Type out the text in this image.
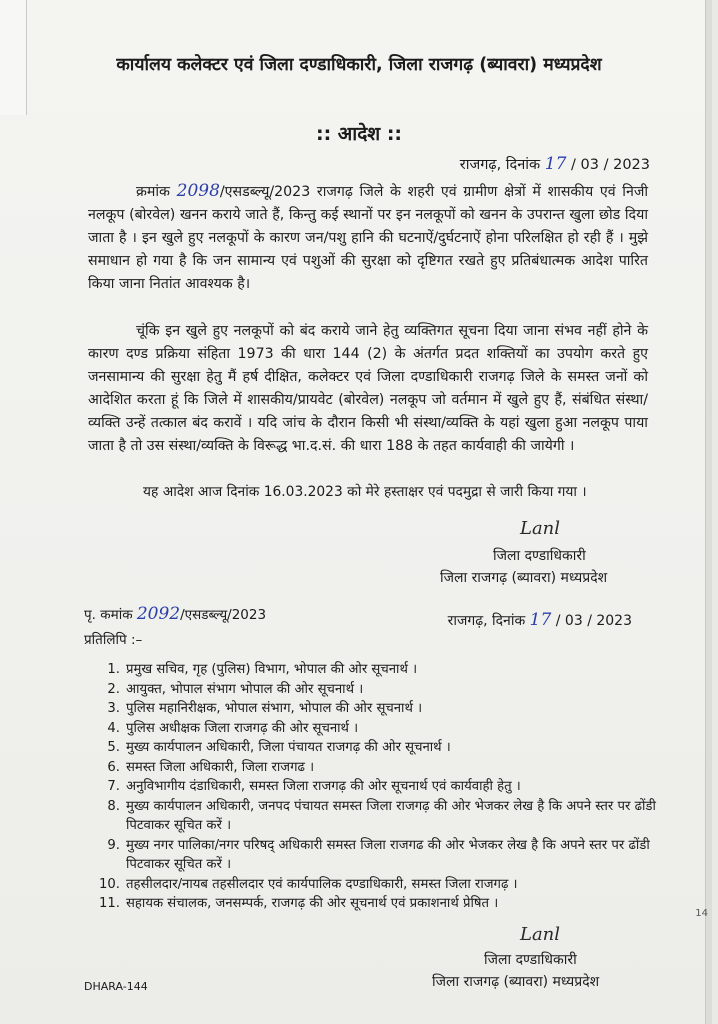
कार्यालय कलेक्टर एवं जिला दण्डाधिकारी, जिला राजगढ़ (ब्यावरा) मध्यप्रदेश
:: आदेश ::
राजगढ़, दिनांक 17 / 03 / 2023
क्रमांक 2098/एसडब्ल्यू/2023 राजगढ़ जिले के शहरी एवं ग्रामीण क्षेत्रों में शासकीय एवं निजी नलकूप (बोरवेल) खनन कराये जाते हैं, किन्तु कई स्थानों पर इन नलकूपों को खनन के उपरान्त खुला छोड दिया जाता है । इन खुले हुए नलकूपों के कारण जन/पशु हानि की घटनाऐं/दुर्घटनाऐं होना परिलक्षित हो रही हैं । मुझे समाधान हो गया है कि जन सामान्य एवं पशुओं की सुरक्षा को दृष्टिगत रखते हुए प्रतिबंधात्मक आदेश पारित किया जाना नितांत आवश्यक है।
चूंकि इन खुले हुए नलकूपों को बंद कराये जाने हेतु व्यक्तिगत सूचना दिया जाना संभव नहीं होने के कारण दण्ड प्रक्रिया संहिता 1973 की धारा 144 (2) के अंतर्गत प्रदत शक्तियों का उपयोग करते हुए जनसामान्य की सुरक्षा हेतु मैं हर्ष दीक्षित, कलेक्टर एवं जिला दण्डाधिकारी राजगढ़ जिले के समस्त जनों को आदेशित करता हूं कि जिले में शासकीय/प्रायवेट (बोरवेल) नलकूप जो वर्तमान में खुले हुए हैं, संबंधित संस्था/व्यक्ति उन्हें तत्काल बंद करावें । यदि जांच के दौरान किसी भी संस्था/व्यक्ति के यहां खुला हुआ नलकूप पाया जाता है तो उस संस्था/व्यक्ति के विरूद्ध भा.द.सं. की धारा 188 के तहत कार्यवाही की जायेगी ।
यह आदेश आज दिनांक 16.03.2023 को मेरे हस्ताक्षर एवं पदमुद्रा से जारी किया गया ।
Lanl
जिला दण्डाधिकारी
जिला राजगढ़ (ब्यावरा) मध्यप्रदेश
पृ. कमांक 2092/एसडब्ल्यू/2023	राजगढ़, दिनांक 17 / 03 / 2023
प्रतिलिपि :–
1. प्रमुख सचिव, गृह (पुलिस) विभाग, भोपाल की ओर सूचनार्थ ।
2. आयुक्त, भोपाल संभाग भोपाल की ओर सूचनार्थ ।
3. पुलिस महानिरीक्षक, भोपाल संभाग, भोपाल की ओर सूचनार्थ ।
4. पुलिस अधीक्षक जिला राजगढ़ की ओर सूचनार्थ ।
5. मुख्य कार्यपालन अधिकारी, जिला पंचायत राजगढ़ की ओर सूचनार्थ ।
6. समस्त जिला अधिकारी, जिला राजगढ ।
7. अनुविभागीय दंडाधिकारी, समस्त जिला राजगढ़ की ओर सूचनार्थ एवं कार्यवाही हेतु ।
8. मुख्य कार्यपालन अधिकारी, जनपद पंचायत समस्त जिला राजगढ़ की ओर भेजकर लेख है कि अपने स्तर पर ढोंडी पिटवाकर सूचित करें ।
9. मुख्य नगर पालिका/नगर परिषद् अधिकारी समस्त जिला राजगढ की ओर भेजकर लेख है कि अपने स्तर पर ढोंडी पिटवाकर सूचित करें ।
10. तहसीलदार/नायब तहसीलदार एवं कार्यपालिक दण्डाधिकारी, समस्त जिला राजगढ़ ।
11. सहायक संचालक, जनसम्पर्क, राजगढ़ की ओर सूचनार्थ एवं प्रकाशनार्थ प्रेषित ।
Lanl
जिला दण्डाधिकारी
जिला राजगढ़ (ब्यावरा) मध्यप्रदेश
DHARA-144
14
